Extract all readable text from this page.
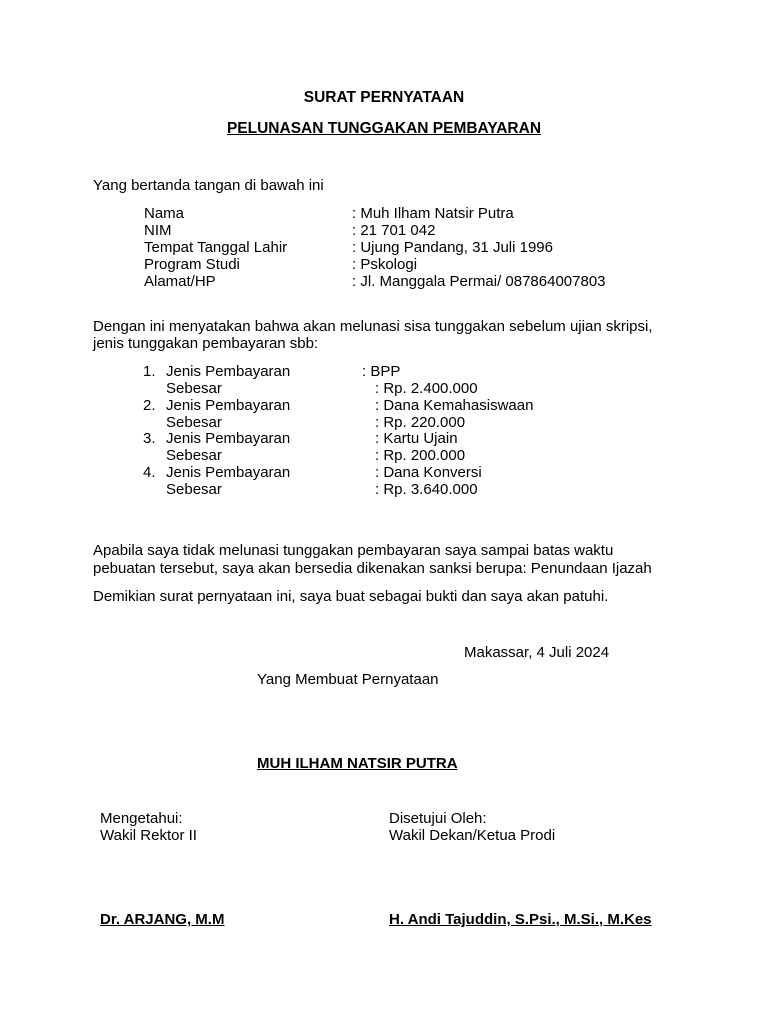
SURAT PERNYATAAN
PELUNASAN TUNGGAKAN PEMBAYARAN
Yang bertanda tangan di bawah ini
Nama	: Muh Ilham Natsir Putra
NIM	: 21 701 042
Tempat Tanggal Lahir	: Ujung Pandang, 31 Juli 1996
Program Studi	: Pskologi
Alamat/HP	: Jl. Manggala Permai/ 087864007803
Dengan ini menyatakan bahwa akan melunasi sisa tunggakan sebelum ujian skripsi,
jenis tunggakan pembayaran sbb:
1. Jenis Pembayaran	: BPP
Sebesar	: Rp. 2.400.000
2. Jenis Pembayaran	: Dana Kemahasiswaan
Sebesar	: Rp. 220.000
3. Jenis Pembayaran	: Kartu Ujain
Sebesar	: Rp. 200.000
4. Jenis Pembayaran	: Dana Konversi
Sebesar	: Rp. 3.640.000
Apabila saya tidak melunasi tunggakan pembayaran saya sampai batas waktu
pebuatan tersebut, saya akan bersedia dikenakan sanksi berupa: Penundaan Ijazah
Demikian surat pernyataan ini, saya buat sebagai bukti dan saya akan patuhi.
Makassar, 4 Juli 2024
Yang Membuat Pernyataan
MUH ILHAM NATSIR PUTRA
Mengetahui:
Wakil Rektor II
Dr. ARJANG, M.M
Disetujui Oleh:
Wakil Dekan/Ketua Prodi
H. Andi Tajuddin, S.Psi., M.Si., M.Kes
